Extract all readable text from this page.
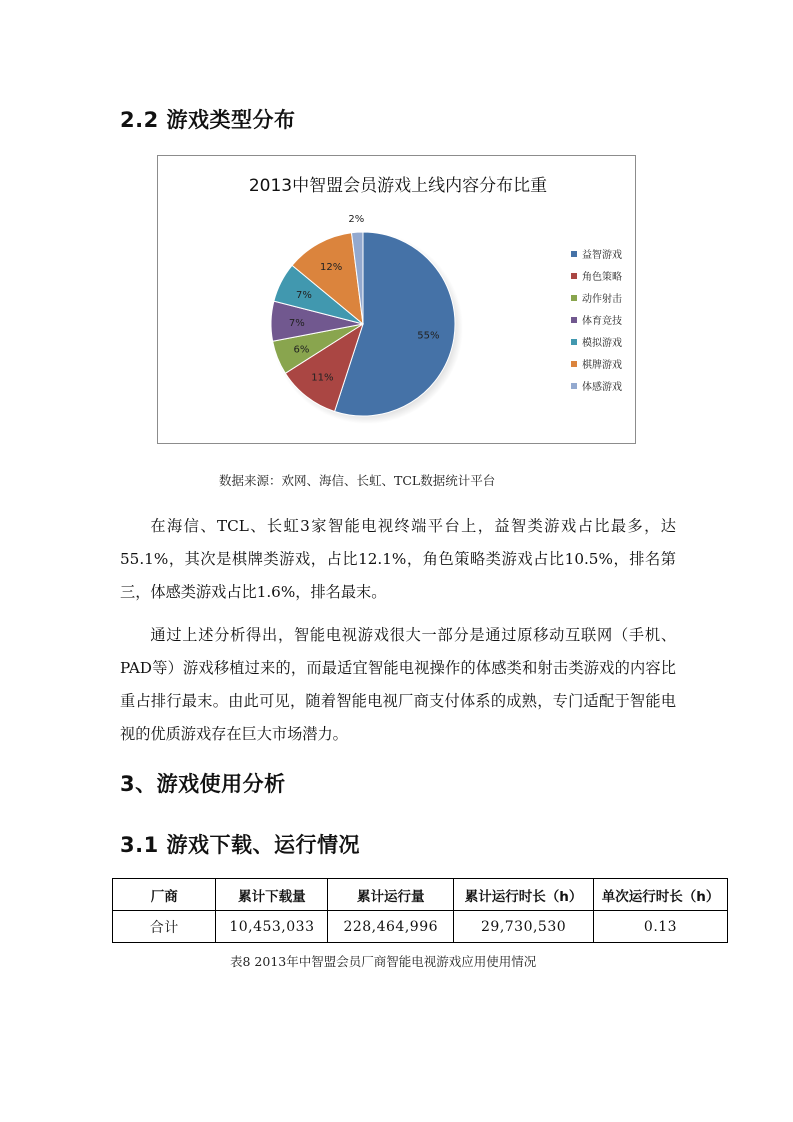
2.2 游戏类型分布
2013中智盟会员游戏上线内容分布比重
55%
11%
6%
7%
7%
12%
2%
益智游戏
角色策略
动作射击
体育竞技
模拟游戏
棋牌游戏
体感游戏
数据来源：欢网、海信、长虹、TCL数据统计平台

在海信、TCL、长虹3家智能电视终端平台上，益智类游戏占比最多，达55.1%，其次是棋牌类游戏，占比12.1%，角色策略类游戏占比10.5%，排名第三，体感类游戏占比1.6%，排名最末。

通过上述分析得出，智能电视游戏很大一部分是通过原移动互联网（手机、PAD等）游戏移植过来的，而最适宜智能电视操作的体感类和射击类游戏的内容比重占排行最末。由此可见，随着智能电视厂商支付体系的成熟，专门适配于智能电视的优质游戏存在巨大市场潜力。

3、游戏使用分析
3.1 游戏下载、运行情况
厂商	累计下载量	累计运行量	累计运行时长（h）	单次运行时长（h）
合计	10,453,033	228,464,996	29,730,530	0.13
表8 2013年中智盟会员厂商智能电视游戏应用使用情况
